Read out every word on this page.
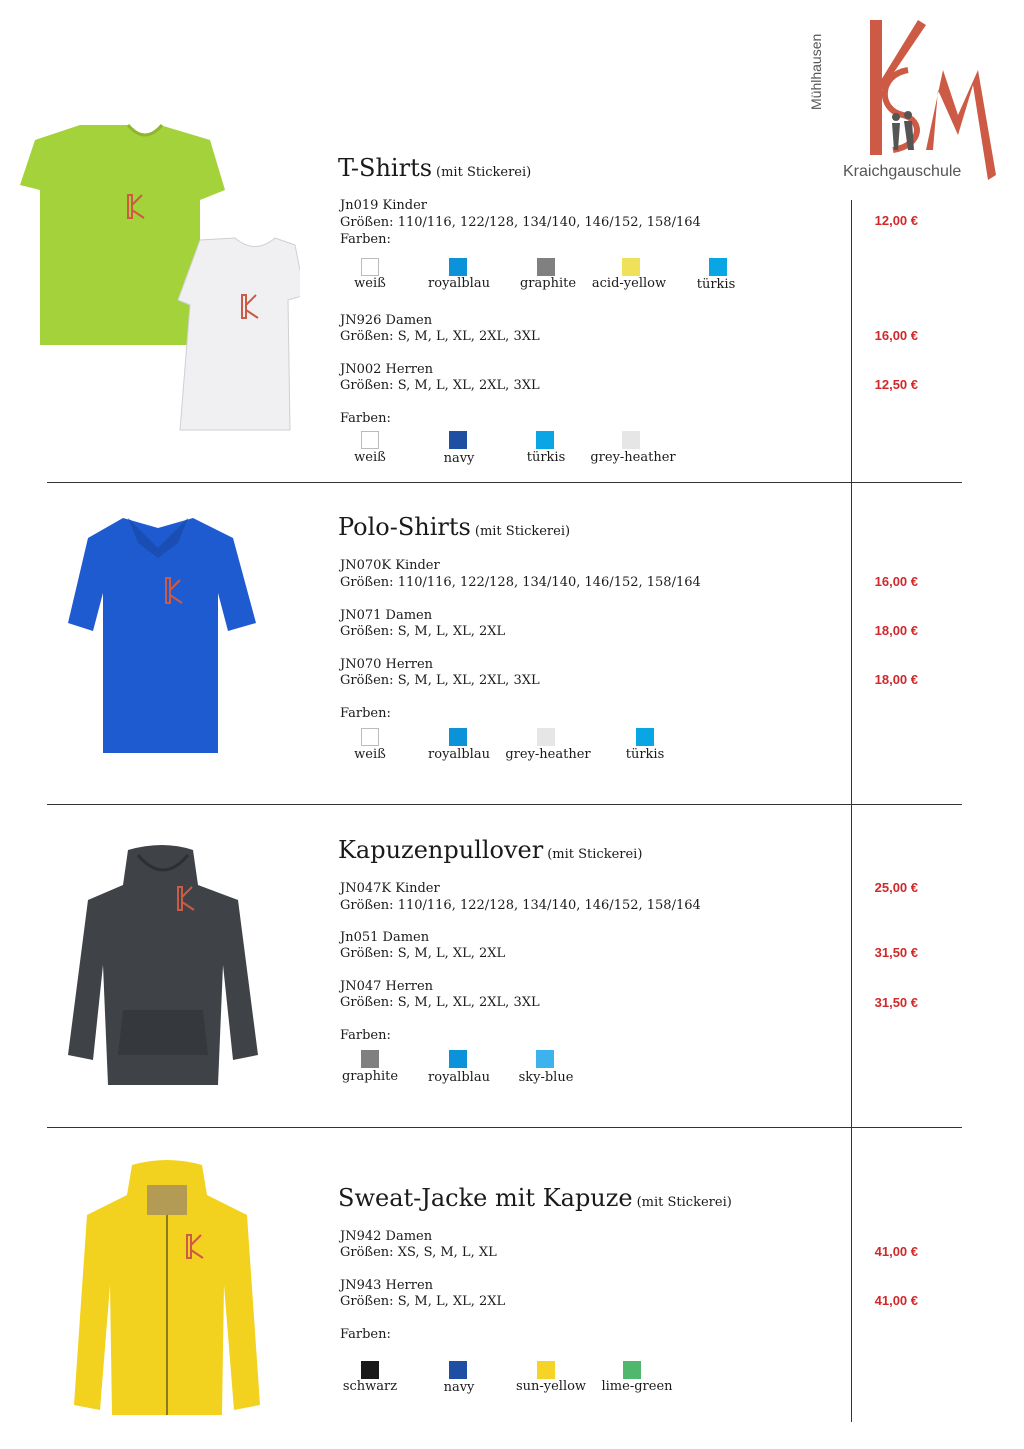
Mühlhausen
Kraichgauschule
T-Shirts (mit Stickerei)
Jn019 Kinder
Größen: 110/116, 122/128, 134/140, 146/152, 158/164	12,00 €
Farben:
weiß	royalblau	graphite	acid-yellow	türkis
JN926 Damen
Größen: S, M, L, XL, 2XL, 3XL	16,00 €
JN002 Herren
Größen: S, M, L, XL, 2XL, 3XL	12,50 €
Farben:
weiß	navy	türkis	grey-heather
Polo-Shirts (mit Stickerei)
JN070K Kinder
Größen: 110/116, 122/128, 134/140, 146/152, 158/164	16,00 €
JN071 Damen
Größen: S, M, L, XL, 2XL	18,00 €
JN070 Herren
Größen: S, M, L, XL, 2XL, 3XL	18,00 €
Farben:
weiß	royalblau	grey-heather	türkis
Kapuzenpullover (mit Stickerei)
JN047K Kinder	25,00 €
Größen: 110/116, 122/128, 134/140, 146/152, 158/164
Jn051 Damen
Größen: S, M, L, XL, 2XL	31,50 €
JN047 Herren
Größen: S, M, L, XL, 2XL, 3XL	31,50 €
Farben:
graphite	royalblau	sky-blue
Sweat-Jacke mit Kapuze (mit Stickerei)
JN942 Damen
Größen: XS, S, M, L, XL	41,00 €
JN943 Herren
Größen: S, M, L, XL, 2XL	41,00 €
Farben:
schwarz	navy	sun-yellow	lime-green
